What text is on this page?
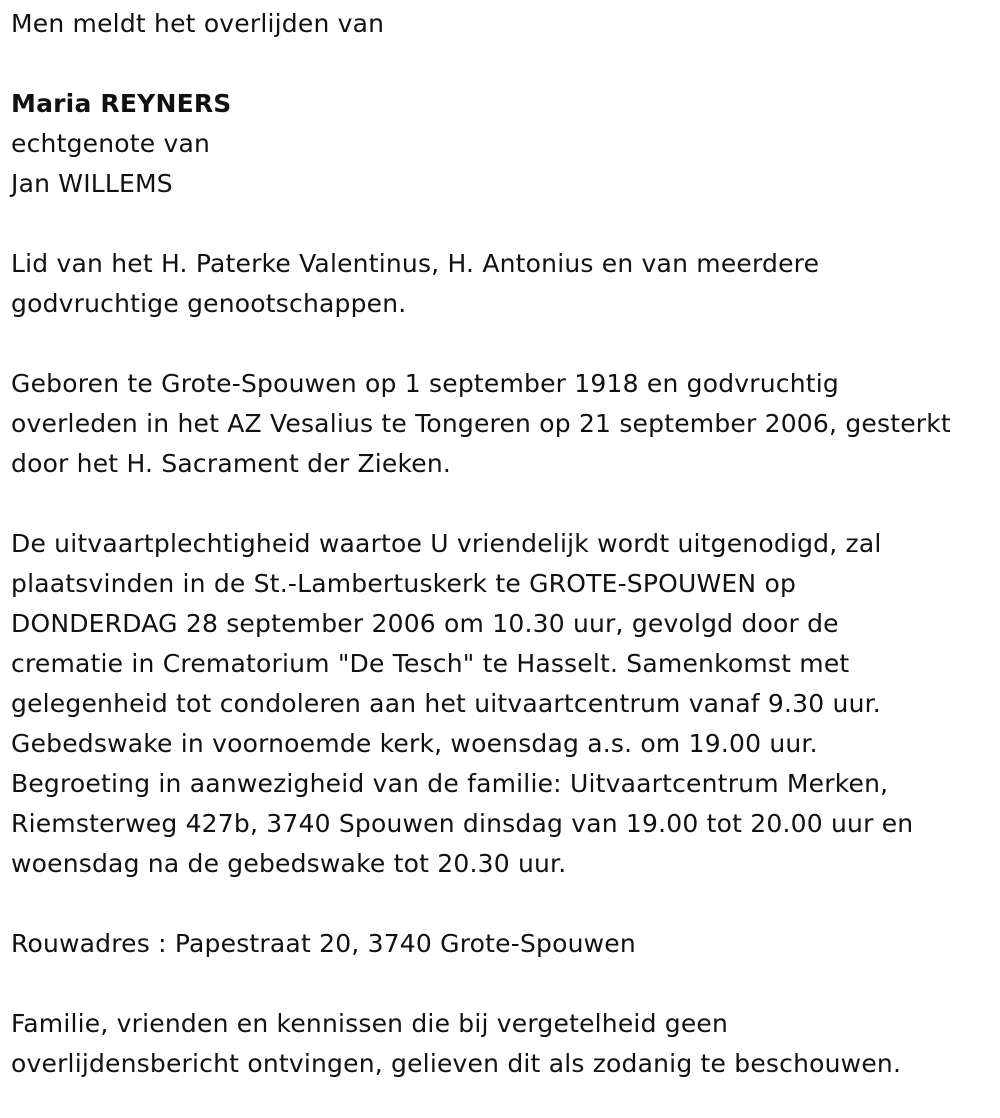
Men meldt het overlijden van

Maria REYNERS

echtgenote van

Jan WILLEMS

Lid van het H. Paterke Valentinus, H. Antonius en van meerdere

godvruchtige genootschappen.

Geboren te Grote-Spouwen op 1 september 1918 en godvruchtig

overleden in het AZ Vesalius te Tongeren op 21 september 2006, gesterkt

door het H. Sacrament der Zieken.

De uitvaartplechtigheid waartoe U vriendelijk wordt uitgenodigd, zal

plaatsvinden in de St.-Lambertuskerk te GROTE-SPOUWEN op

DONDERDAG 28 september 2006 om 10.30 uur, gevolgd door de

crematie in Crematorium "De Tesch" te Hasselt. Samenkomst met

gelegenheid tot condoleren aan het uitvaartcentrum vanaf 9.30 uur.

Gebedswake in voornoemde kerk, woensdag a.s. om 19.00 uur.

Begroeting in aanwezigheid van de familie: Uitvaartcentrum Merken,

Riemsterweg 427b, 3740 Spouwen dinsdag van 19.00 tot 20.00 uur en

woensdag na de gebedswake tot 20.30 uur.

Rouwadres : Papestraat 20, 3740 Grote-Spouwen

Familie, vrienden en kennissen die bij vergetelheid geen

overlijdensbericht ontvingen, gelieven dit als zodanig te beschouwen.
